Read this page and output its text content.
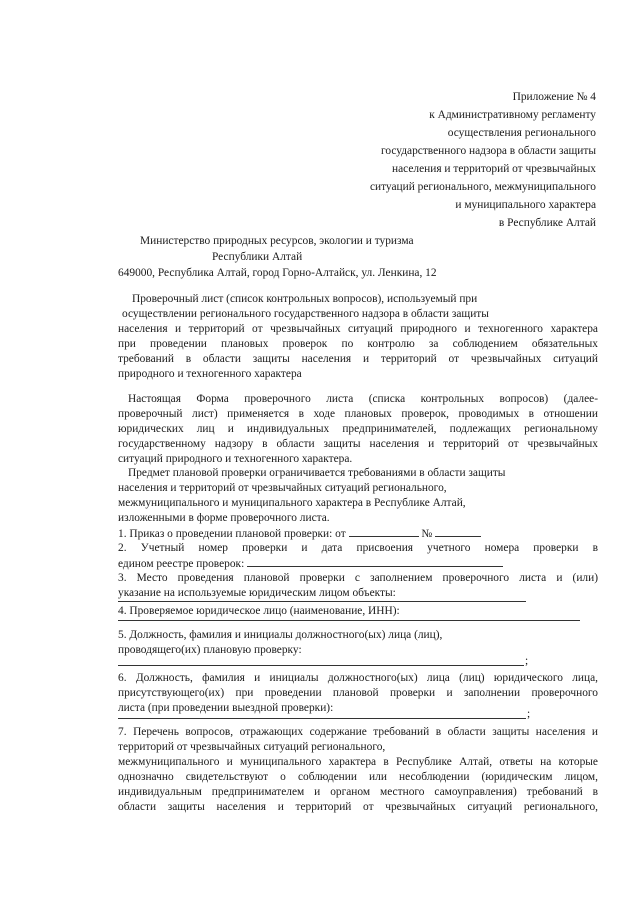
Приложение № 4
к Административному регламенту
осуществления регионального
государственного надзора в области защиты
населения и территорий от чрезвычайных
ситуаций регионального, межмуниципального
и муниципального характера
в Республике Алтай
Министерство природных ресурсов, экологии и туризма
Республики Алтай
649000, Республика Алтай, город Горно-Алтайск, ул. Ленкина, 12
Проверочный лист (список контрольных вопросов), используемый при
осуществлении регионального государственного надзора в области защиты
населения и территорий от чрезвычайных ситуаций природного и техногенного характера
при проведении плановых проверок по контролю за соблюдением обязательных
требований в области защиты населения и территорий от чрезвычайных ситуаций
природного и техногенного характера
Настоящая Форма проверочного листа (списка контрольных вопросов) (далее-
проверочный лист) применяется в ходе плановых проверок, проводимых в отношении
юридических лиц и индивидуальных предпринимателей, подлежащих региональному
государственному надзору в области защиты населения и территорий от чрезвычайных
ситуаций природного и техногенного характера.
Предмет плановой проверки ограничивается требованиями в области защиты
населения и территорий от чрезвычайных ситуаций регионального,
межмуниципального и муниципального характера в Республике Алтай,
изложенными в форме проверочного листа.
1. Приказ о проведении плановой проверки: от	№
2. Учетный номер проверки и дата присвоения учетного номера проверки в
едином реестре проверок:
3. Место проведения плановой проверки с заполнением проверочного листа и (или)
указание на используемые юридическим лицом объекты:
4. Проверяемое юридическое лицо (наименование, ИНН):
5. Должность, фамилия и инициалы должностного(ых) лица (лиц),
проводящего(их) плановую проверку:
;
6. Должность, фамилия и инициалы должностного(ых) лица (лиц) юридического лица,
присутствующего(их) при проведении плановой проверки и заполнении проверочного
листа (при проведении выездной проверки):	;
7. Перечень вопросов, отражающих содержание требований в области защиты населения и
территорий от чрезвычайных ситуаций регионального,
межмуниципального и муниципального характера в Республике Алтай, ответы на которые
однозначно свидетельствуют о соблюдении или несоблюдении (юридическим лицом,
индивидуальным предпринимателем и органом местного самоуправления) требований в
области защиты населения и территорий от чрезвычайных ситуаций регионального,
